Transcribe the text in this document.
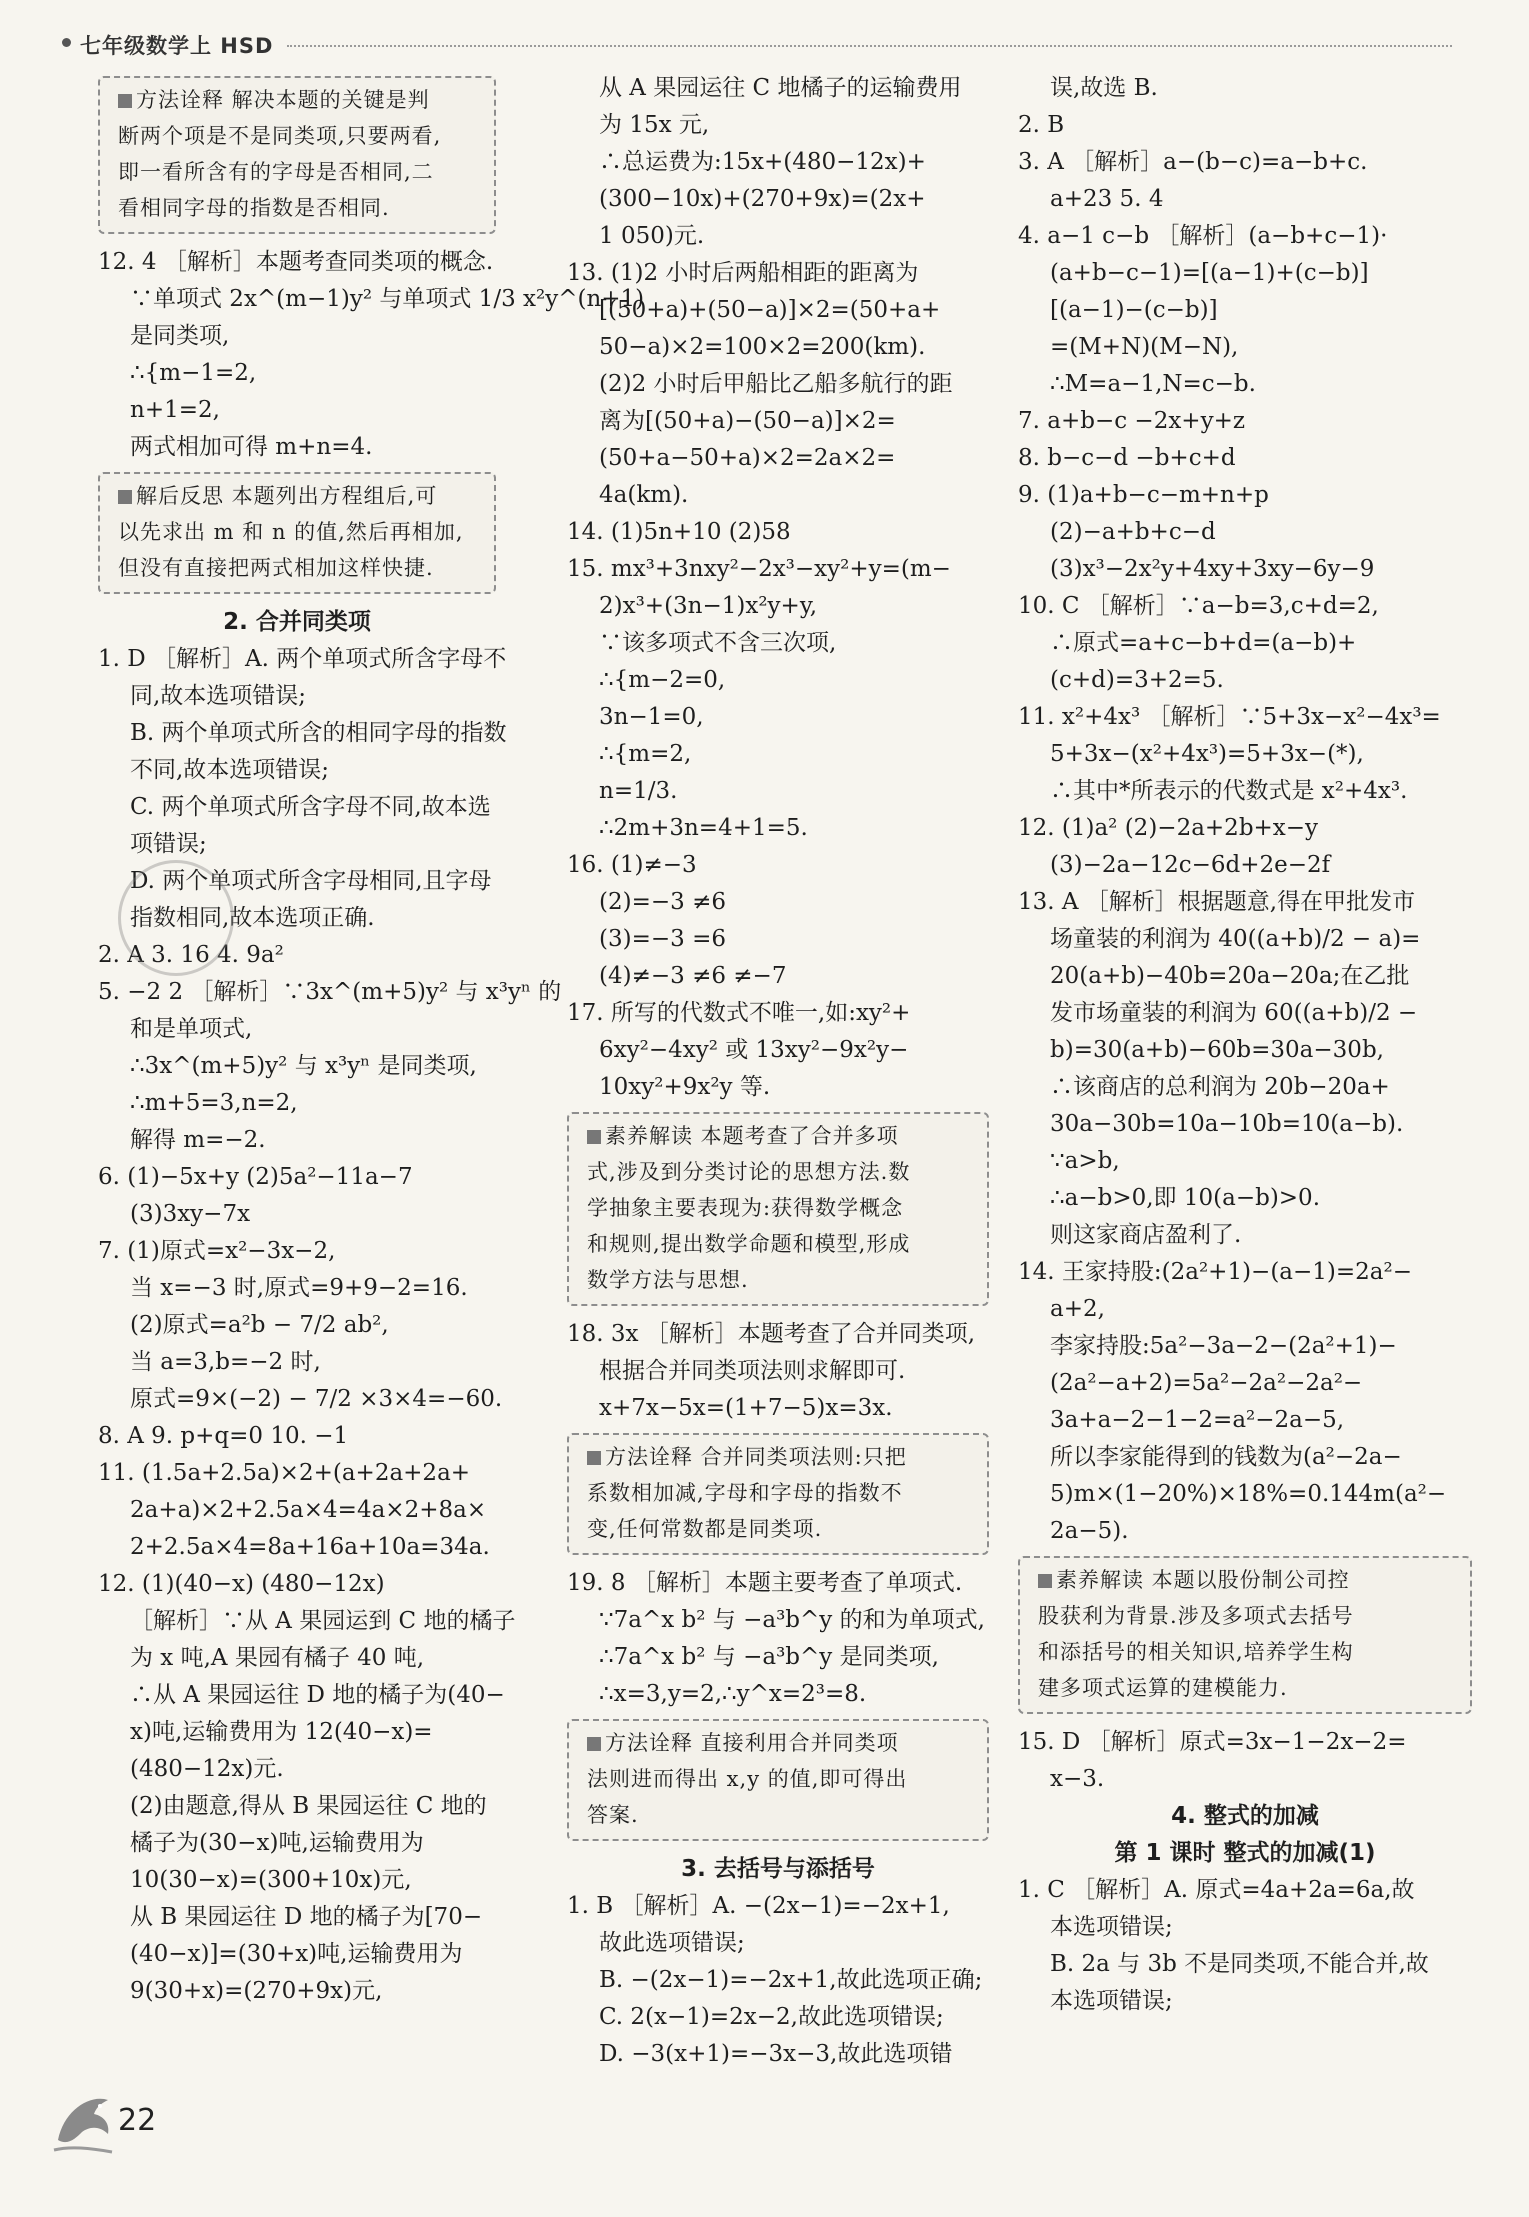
七年级数学上 HSD
方法诠释 解决本题的关键是判
断两个项是不是同类项,只要两看,
即一看所含有的字母是否相同,二
看相同字母的指数是否相同.
12. 4 ［解析］本题考查同类项的概念.
∵单项式 2x^(m−1)y² 与单项式 1/3 x²y^(n+1)
是同类项,
∴{m−1=2,
n+1=2,
两式相加可得 m+n=4.
解后反思 本题列出方程组后,可
以先求出 m 和 n 的值,然后再相加,
但没有直接把两式相加这样快捷.
2. 合并同类项
1. D ［解析］A. 两个单项式所含字母不
同,故本选项错误;
B. 两个单项式所含的相同字母的指数
不同,故本选项错误;
C. 两个单项式所含字母不同,故本选
项错误;
D. 两个单项式所含字母相同,且字母
指数相同,故本选项正确.
2. A 3. 16 4. 9a²
5. −2 2 ［解析］∵3x^(m+5)y² 与 x³yⁿ 的
和是单项式,
∴3x^(m+5)y² 与 x³yⁿ 是同类项,
∴m+5=3,n=2,
解得 m=−2.
6. (1)−5x+y (2)5a²−11a−7
(3)3xy−7x
7. (1)原式=x²−3x−2,
当 x=−3 时,原式=9+9−2=16.
(2)原式=a²b − 7/2 ab²,
当 a=3,b=−2 时,
原式=9×(−2) − 7/2 ×3×4=−60.
8. A 9. p+q=0 10. −1
11. (1.5a+2.5a)×2+(a+2a+2a+
2a+a)×2+2.5a×4=4a×2+8a×
2+2.5a×4=8a+16a+10a=34a.
12. (1)(40−x) (480−12x)
［解析］∵从 A 果园运到 C 地的橘子
为 x 吨,A 果园有橘子 40 吨,
∴从 A 果园运往 D 地的橘子为(40−
x)吨,运输费用为 12(40−x)=
(480−12x)元.
(2)由题意,得从 B 果园运往 C 地的
橘子为(30−x)吨,运输费用为
10(30−x)=(300+10x)元,
从 B 果园运往 D 地的橘子为[70−
(40−x)]=(30+x)吨,运输费用为
9(30+x)=(270+9x)元,
从 A 果园运往 C 地橘子的运输费用
为 15x 元,
∴总运费为:15x+(480−12x)+
(300−10x)+(270+9x)=(2x+
1 050)元.
13. (1)2 小时后两船相距的距离为
[(50+a)+(50−a)]×2=(50+a+
50−a)×2=100×2=200(km).
(2)2 小时后甲船比乙船多航行的距
离为[(50+a)−(50−a)]×2=
(50+a−50+a)×2=2a×2=
4a(km).
14. (1)5n+10 (2)58
15. mx³+3nxy²−2x³−xy²+y=(m−
2)x³+(3n−1)x²y+y,
∵该多项式不含三次项,
∴{m−2=0,
3n−1=0,
∴{m=2,
n=1/3.
∴2m+3n=4+1=5.
16. (1)≠−3
(2)=−3 ≠6
(3)=−3 =6
(4)≠−3 ≠6 ≠−7
17. 所写的代数式不唯一,如:xy²+
6xy²−4xy² 或 13xy²−9x²y−
10xy²+9x²y 等.
素养解读 本题考查了合并多项
式,涉及到分类讨论的思想方法.数
学抽象主要表现为:获得数学概念
和规则,提出数学命题和模型,形成
数学方法与思想.
18. 3x ［解析］本题考查了合并同类项,
根据合并同类项法则求解即可.
x+7x−5x=(1+7−5)x=3x.
方法诠释 合并同类项法则:只把
系数相加减,字母和字母的指数不
变,任何常数都是同类项.
19. 8 ［解析］本题主要考查了单项式.
∵7a^x b² 与 −a³b^y 的和为单项式,
∴7a^x b² 与 −a³b^y 是同类项,
∴x=3,y=2,∴y^x=2³=8.
方法诠释 直接利用合并同类项
法则进而得出 x,y 的值,即可得出
答案.
3. 去括号与添括号
1. B ［解析］A. −(2x−1)=−2x+1,
故此选项错误;
B. −(2x−1)=−2x+1,故此选项正确;
C. 2(x−1)=2x−2,故此选项错误;
D. −3(x+1)=−3x−3,故此选项错
误,故选 B.
2. B
3. A ［解析］a−(b−c)=a−b+c.
a+23 5. 4
4. a−1 c−b ［解析］(a−b+c−1)·
(a+b−c−1)=[(a−1)+(c−b)]
[(a−1)−(c−b)]
=(M+N)(M−N),
∴M=a−1,N=c−b.
7. a+b−c −2x+y+z
8. b−c−d −b+c+d
9. (1)a+b−c−m+n+p
(2)−a+b+c−d
(3)x³−2x²y+4xy+3xy−6y−9
10. C ［解析］∵a−b=3,c+d=2,
∴原式=a+c−b+d=(a−b)+
(c+d)=3+2=5.
11. x²+4x³ ［解析］∵5+3x−x²−4x³=
5+3x−(x²+4x³)=5+3x−(*),
∴其中*所表示的代数式是 x²+4x³.
12. (1)a² (2)−2a+2b+x−y
(3)−2a−12c−6d+2e−2f
13. A ［解析］根据题意,得在甲批发市
场童装的利润为 40((a+b)/2 − a)=
20(a+b)−40b=20a−20a;在乙批
发市场童装的利润为 60((a+b)/2 −
b)=30(a+b)−60b=30a−30b,
∴该商店的总利润为 20b−20a+
30a−30b=10a−10b=10(a−b).
∵a>b,
∴a−b>0,即 10(a−b)>0.
则这家商店盈利了.
14. 王家持股:(2a²+1)−(a−1)=2a²−
a+2,
李家持股:5a²−3a−2−(2a²+1)−
(2a²−a+2)=5a²−2a²−2a²−
3a+a−2−1−2=a²−2a−5,
所以李家能得到的钱数为(a²−2a−
5)m×(1−20%)×18%=0.144m(a²−
2a−5).
素养解读 本题以股份制公司控
股获利为背景.涉及多项式去括号
和添括号的相关知识,培养学生构
建多项式运算的建模能力.
15. D ［解析］原式=3x−1−2x−2=
x−3.
4. 整式的加减
第 1 课时 整式的加减(1)
1. C ［解析］A. 原式=4a+2a=6a,故
本选项错误;
B. 2a 与 3b 不是同类项,不能合并,故
本选项错误;
22
